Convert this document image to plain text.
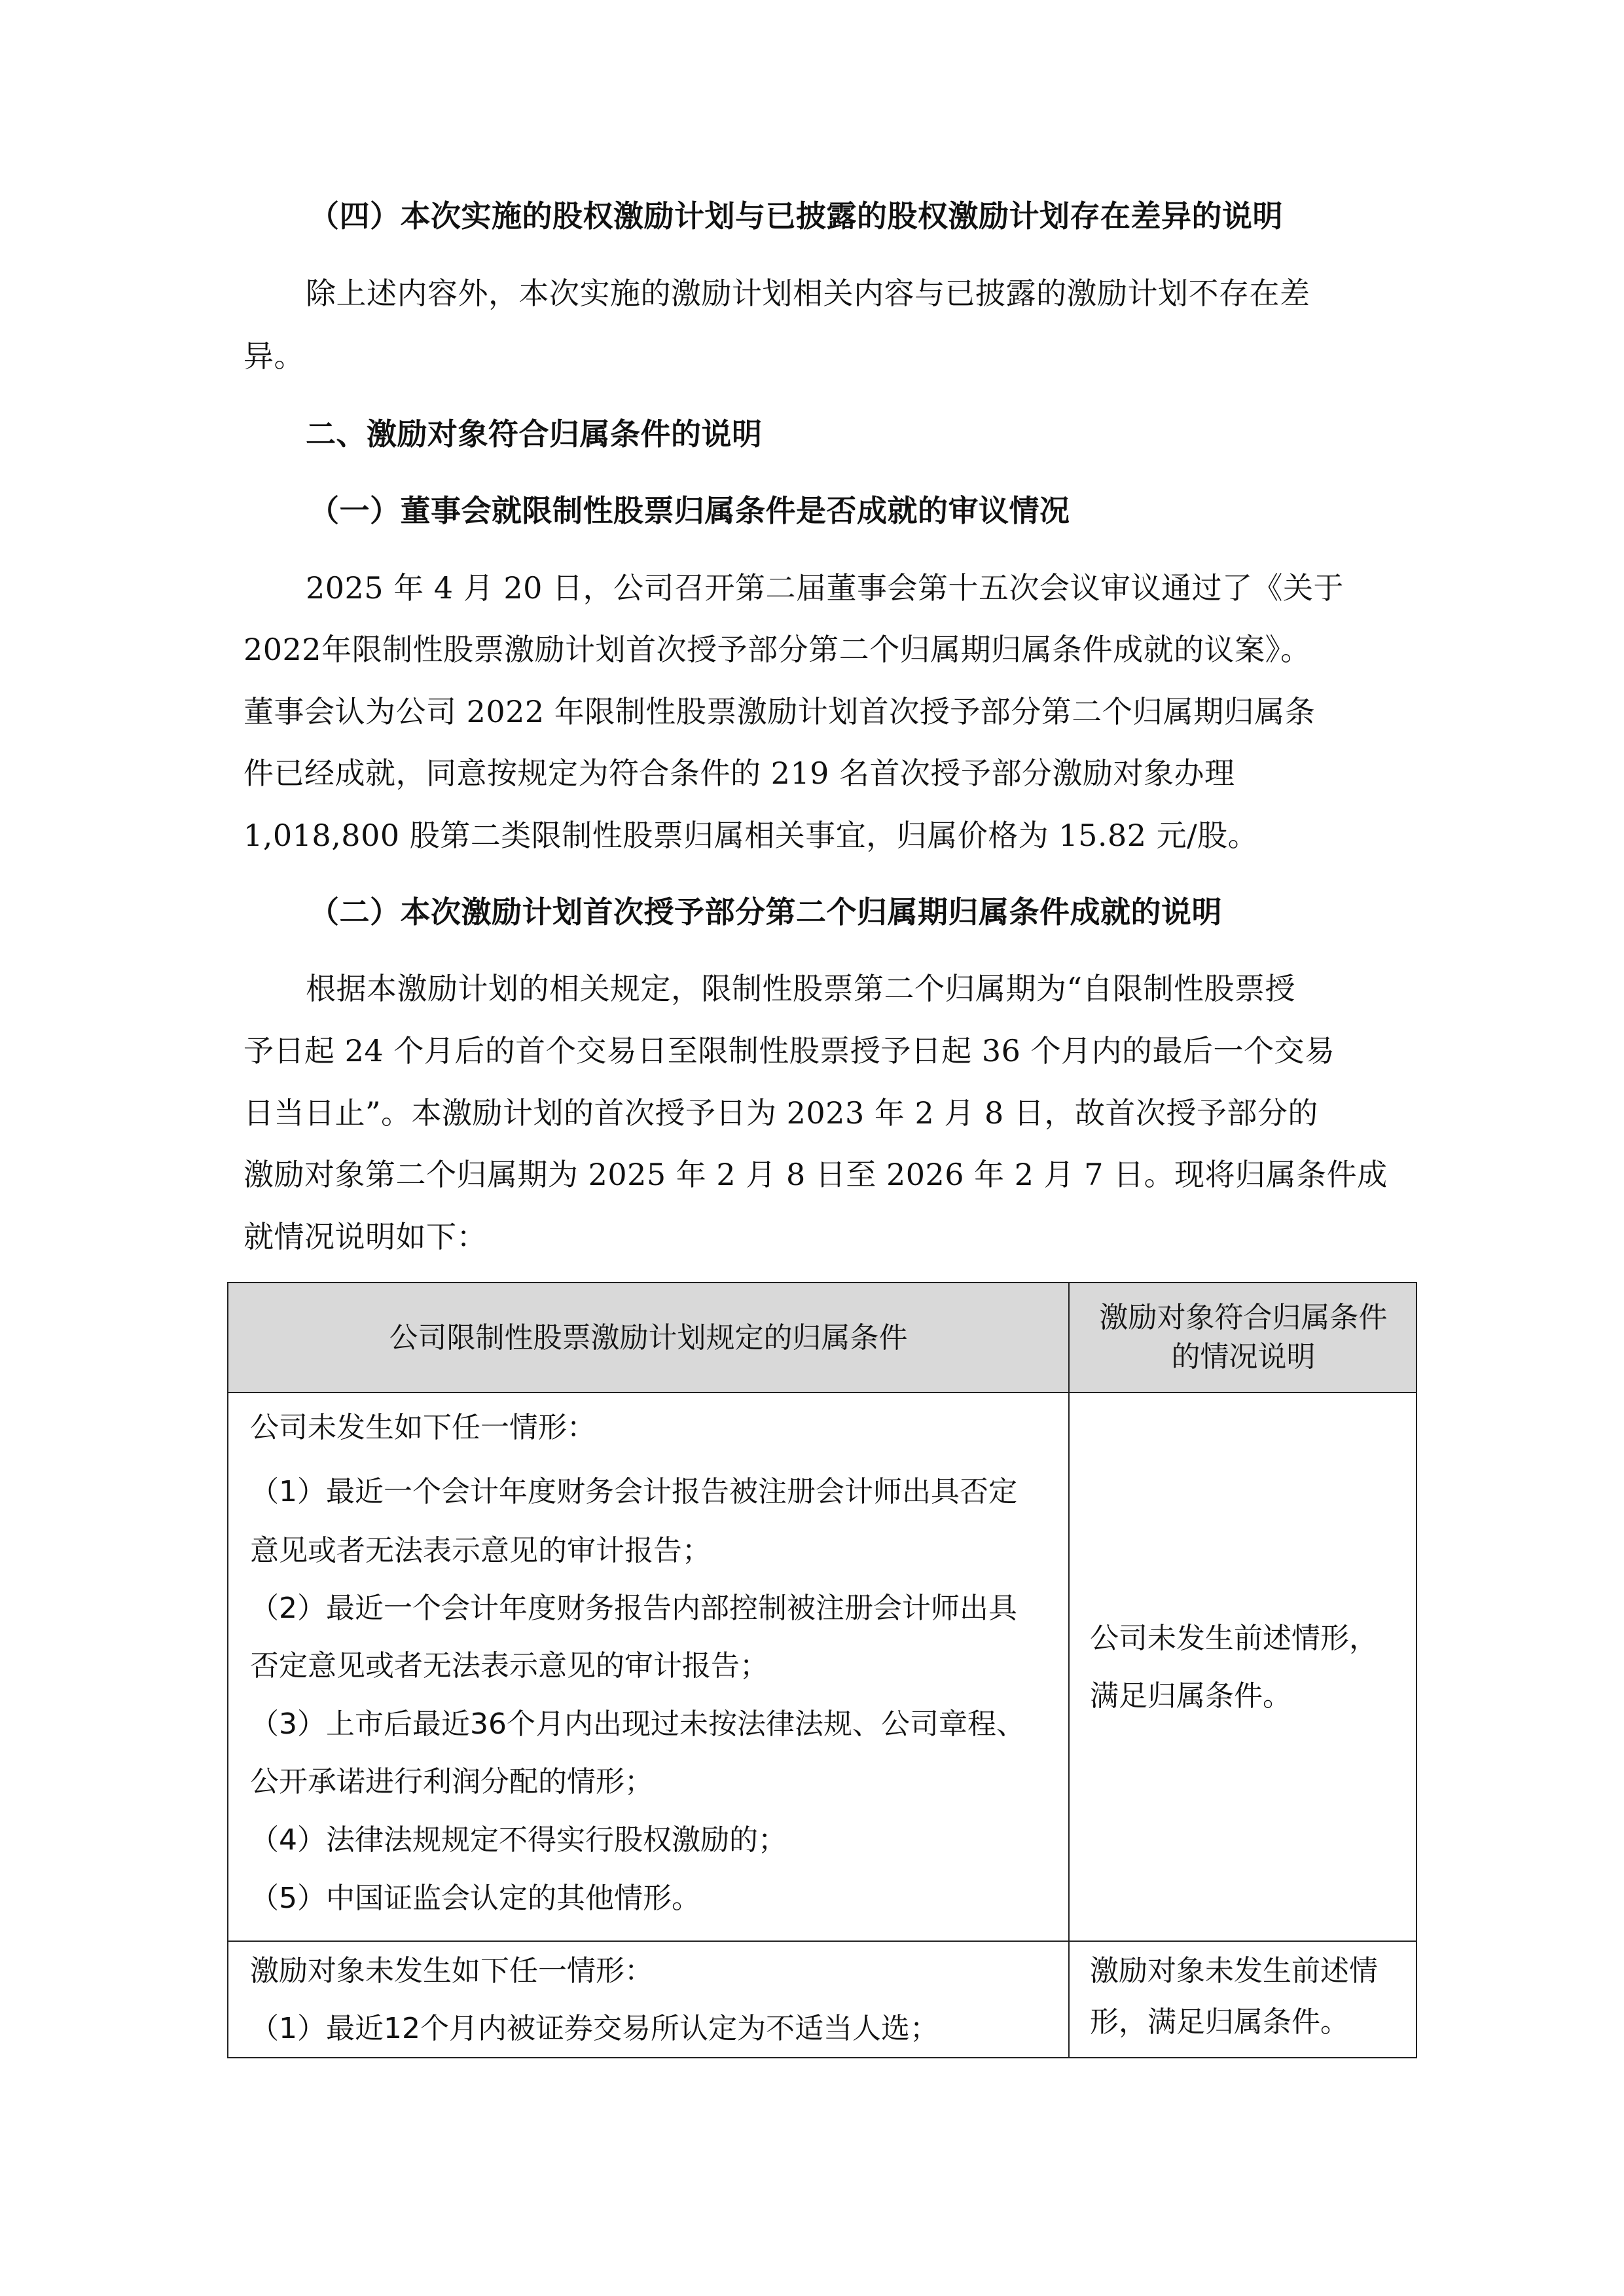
（四）本次实施的股权激励计划与已披露的股权激励计划存在差异的说明
除上述内容外，本次实施的激励计划相关内容与已披露的激励计划不存在差
异。
二、激励对象符合归属条件的说明
（一）董事会就限制性股票归属条件是否成就的审议情况
2025 年 4 月 20 日，公司召开第二届董事会第十五次会议审议通过了《关于
2022年限制性股票激励计划首次授予部分第二个归属期归属条件成就的议案》。
董事会认为公司 2022 年限制性股票激励计划首次授予部分第二个归属期归属条
件已经成就，同意按规定为符合条件的 219 名首次授予部分激励对象办理
1,018,800 股第二类限制性股票归属相关事宜，归属价格为 15.82 元/股。
（二）本次激励计划首次授予部分第二个归属期归属条件成就的说明
根据本激励计划的相关规定，限制性股票第二个归属期为“自限制性股票授
予日起 24 个月后的首个交易日至限制性股票授予日起 36 个月内的最后一个交易
日当日止”。本激励计划的首次授予日为 2023 年 2 月 8 日，故首次授予部分的
激励对象第二个归属期为 2025 年 2 月 8 日至 2026 年 2 月 7 日。现将归属条件成
就情况说明如下：
公司限制性股票激励计划规定的归属条件
激励对象符合归属条件
的情况说明
公司未发生如下任一情形：
（1）最近一个会计年度财务会计报告被注册会计师出具否定
意见或者无法表示意见的审计报告；
（2）最近一个会计年度财务报告内部控制被注册会计师出具
否定意见或者无法表示意见的审计报告；
（3）上市后最近36个月内出现过未按法律法规、公司章程、
公开承诺进行利润分配的情形；
（4）法律法规规定不得实行股权激励的；
（5）中国证监会认定的其他情形。
公司未发生前述情形，
满足归属条件。
激励对象未发生如下任一情形：
（1）最近12个月内被证券交易所认定为不适当人选；
激励对象未发生前述情
形，满足归属条件。
